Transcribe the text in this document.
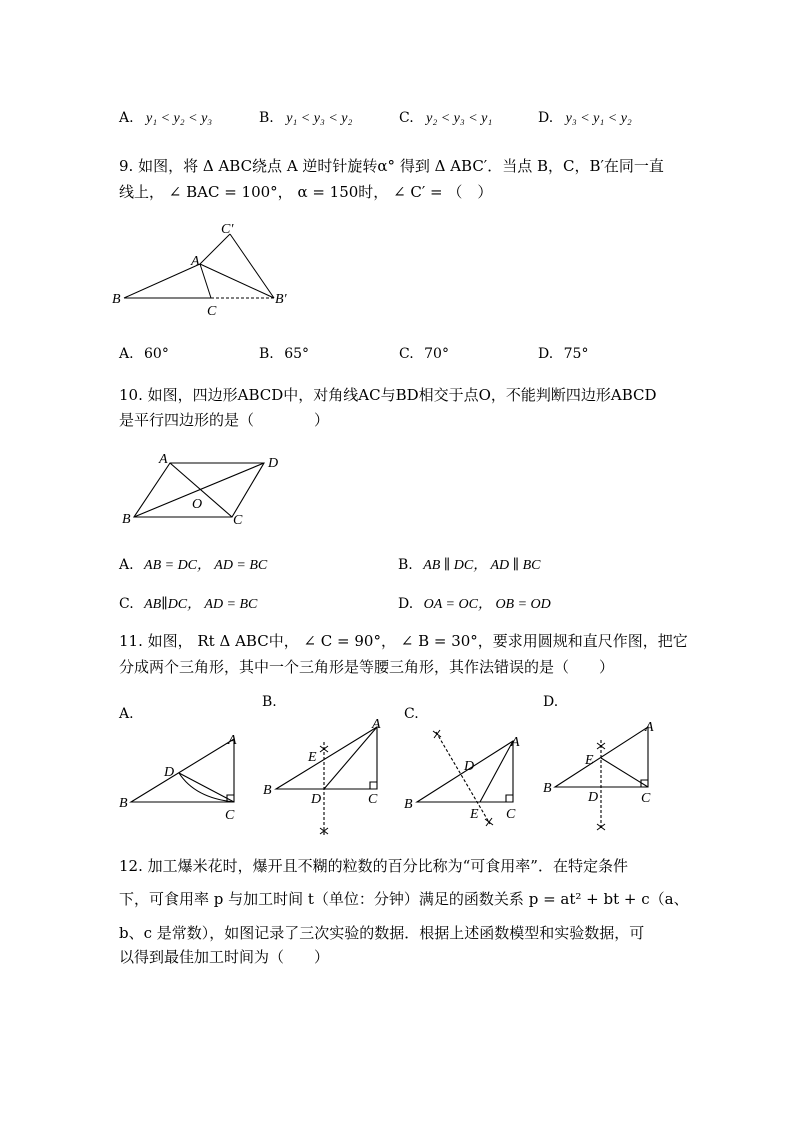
A. y₁ < y₂ < y₃	B. y₁ < y₃ < y₂	C. y₂ < y₃ < y₁	D. y₃ < y₁ < y₂
9. 如图，将 Δ ABC绕点 A 逆时针旋转α° 得到 Δ ABC′．当点 B，C，B′在同一直
线上， ∠ BAC = 100°， α = 150时， ∠ C′ = （　）
C′
A
B
C
B′
A. 60°	B. 65°	C. 70°	D. 75°
10. 如图，四边形ABCD中，对角线AC与BD相交于点O，不能判断四边形ABCD
是平行四边形的是（　　　　）
A	D
O
B	C
A. AB = DC， AD = BC	B. AB ∥ DC， AD ∥ BC
C. AB∥DC， AD = BC	D. OA = OC， OB = OD
11. 如图， Rt Δ ABC中， ∠ C = 90°， ∠ B = 30°，要求用圆规和直尺作图，把它
分成两个三角形，其中一个三角形是等腰三角形，其作法错误的是（　　）
A.
B.
C.
D.
A
D
B
C
A
E
B
D	C
A
D
B
E C
A
E
B
D	C
12. 加工爆米花时，爆开且不糊的粒数的百分比称为“可食用率”．在特定条件
下，可食用率 p 与加工时间 t（单位：分钟）满足的函数关系 p = at² + bt + c（a、
b、c 是常数），如图记录了三次实验的数据．根据上述函数模型和实验数据，可
以得到最佳加工时间为（　　）
